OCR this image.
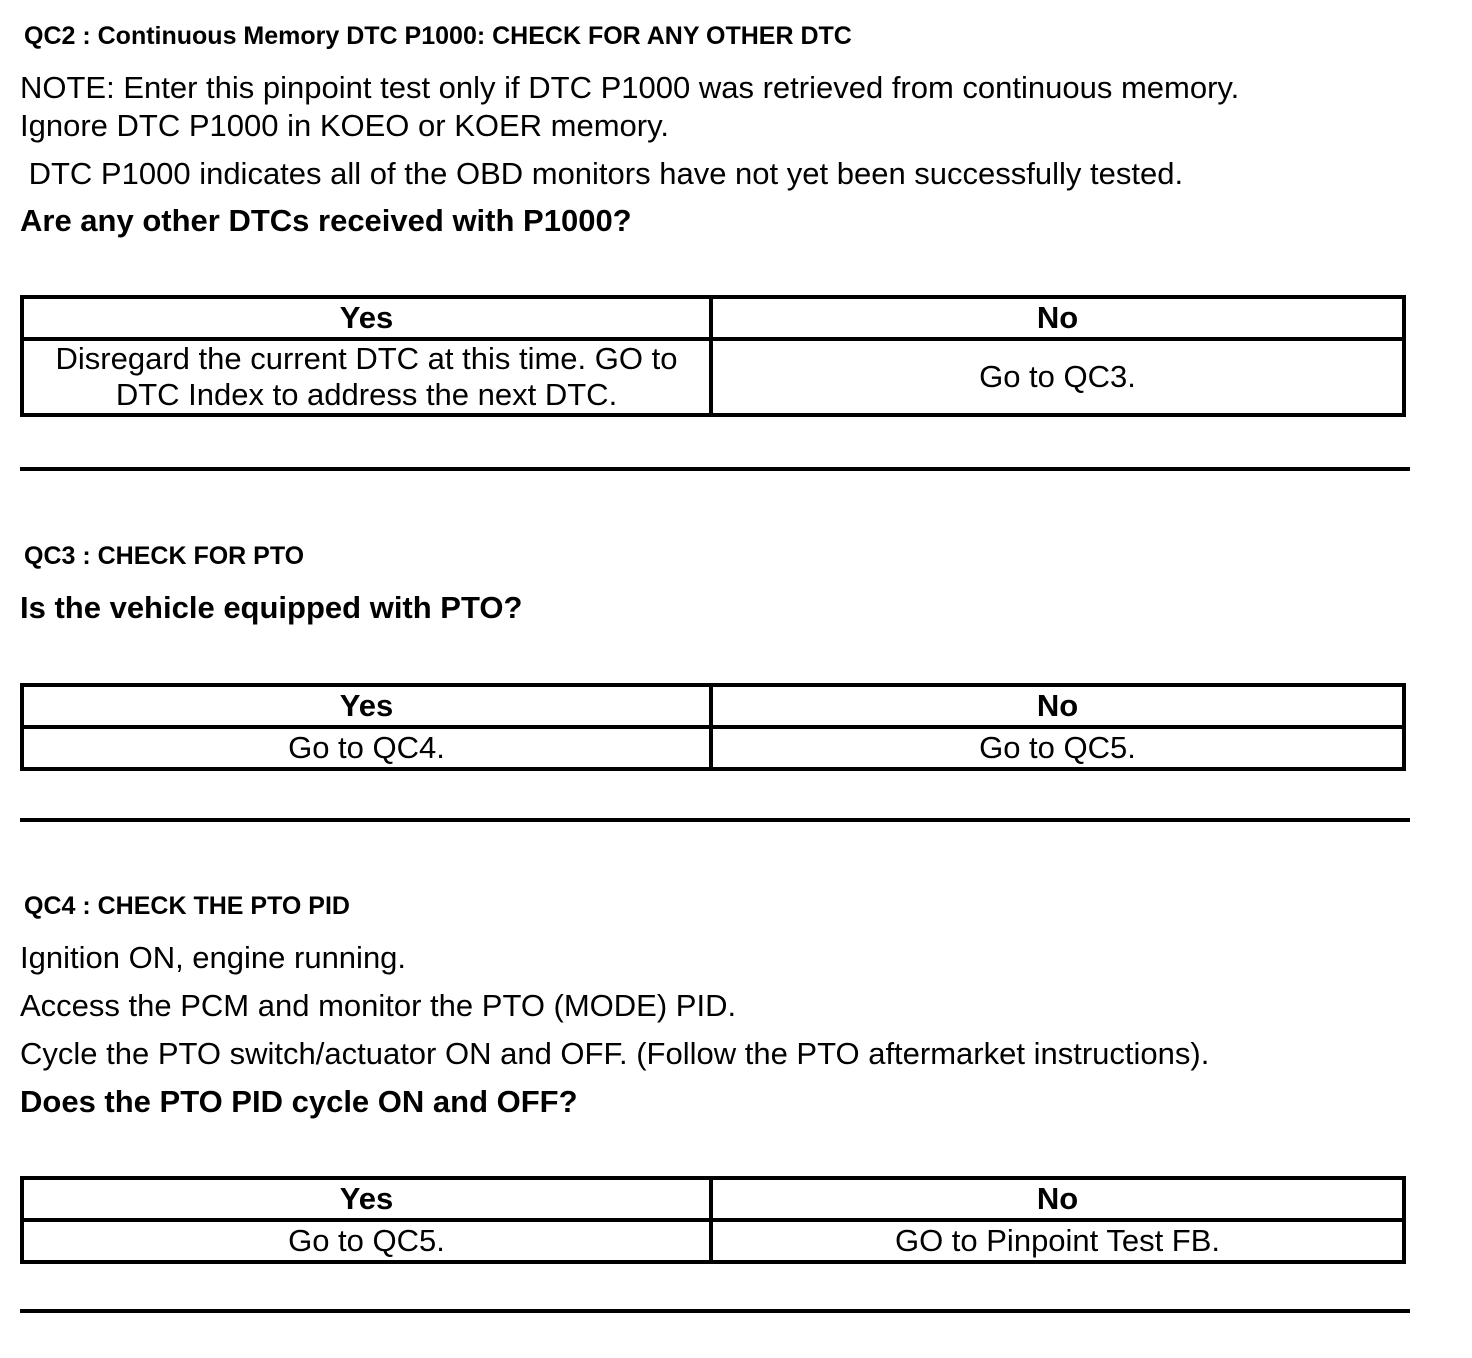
QC2 : Continuous Memory DTC P1000: CHECK FOR ANY OTHER DTC
NOTE: Enter this pinpoint test only if DTC P1000 was retrieved from continuous memory.
Ignore DTC P1000 in KOEO or KOER memory.
DTC P1000 indicates all of the OBD monitors have not yet been successfully tested.
Are any other DTCs received with P1000?
Yes	No

Disregard the current DTC at this time. GO to
DTC Index to address the next DTC.	Go to QC3.
QC3 : CHECK FOR PTO
Is the vehicle equipped with PTO?
Yes	No
Go to QC4.	Go to QC5.
QC4 : CHECK THE PTO PID
Ignition ON, engine running.
Access the PCM and monitor the PTO (MODE) PID.
Cycle the PTO switch/actuator ON and OFF. (Follow the PTO aftermarket instructions).
Does the PTO PID cycle ON and OFF?
Yes	No
Go to QC5.	GO to Pinpoint Test FB.
